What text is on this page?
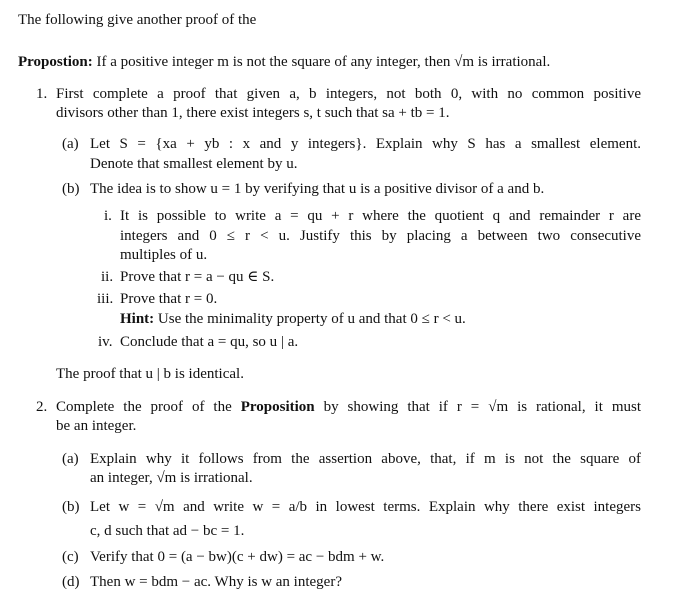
The following give another proof of the
Propostion: If a positive integer m is not the square of any integer, then √m is irrational.
1. First complete a proof that given a, b integers, not both 0, with no common positive
divisors other than 1, there exist integers s, t such that sa + tb = 1.
(a) Let S = {xa + yb : x and y integers}. Explain why S has a smallest element.
Denote that smallest element by u.
(b) The idea is to show u = 1 by verifying that u is a positive divisor of a and b.
i. It is possible to write a = qu + r where the quotient q and remainder r are
integers and 0 ≤ r < u. Justify this by placing a between two consecutive
multiples of u.
ii. Prove that r = a − qu ∈ S.
iii. Prove that r = 0.
Hint: Use the minimality property of u and that 0 ≤ r < u.
iv. Conclude that a = qu, so u | a.
The proof that u | b is identical.
2. Complete the proof of the Proposition by showing that if r = √m is rational, it must
be an integer.
(a) Explain why it follows from the assertion above, that, if m is not the square of
an integer, √m is irrational.
(b) Let w = √m and write w = a/b in lowest terms. Explain why there exist integers
c, d such that ad − bc = 1.
(c) Verify that 0 = (a − bw)(c + dw) = ac − bdm + w.
(d) Then w = bdm − ac. Why is w an integer?
